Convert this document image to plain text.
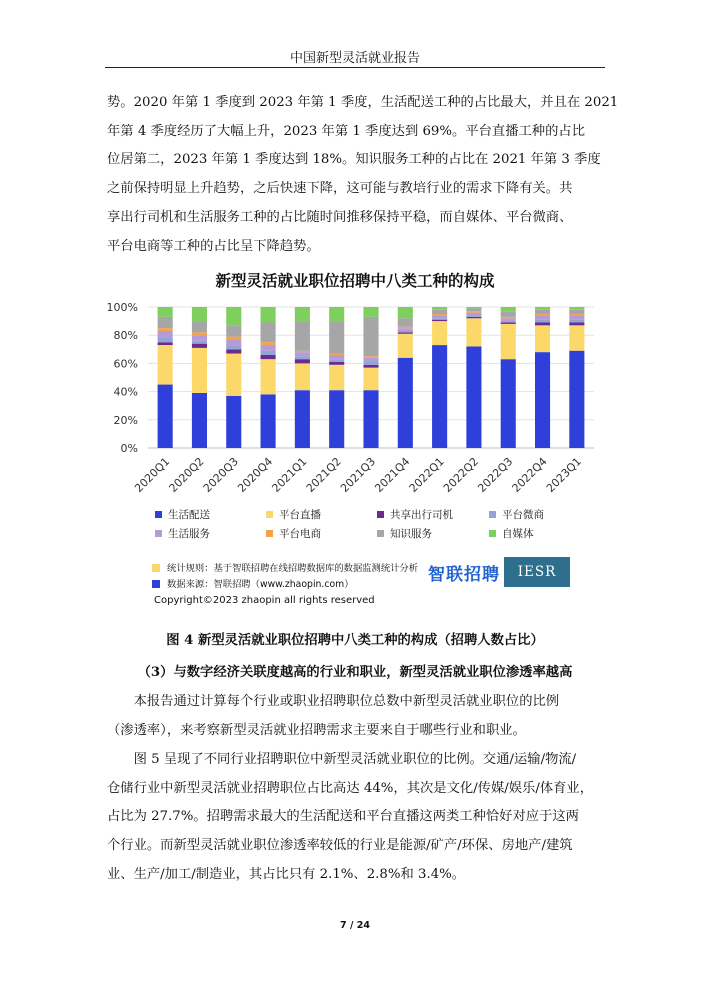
中国新型灵活就业报告
势。2020 年第 1 季度到 2023 年第 1 季度，生活配送工种的占比最大，并且在 2021
年第 4 季度经历了大幅上升，2023 年第 1 季度达到 69%。平台直播工种的占比
位居第二，2023 年第 1 季度达到 18%。知识服务工种的占比在 2021 年第 3 季度
之前保持明显上升趋势，之后快速下降，这可能与教培行业的需求下降有关。共
享出行司机和生活服务工种的占比随时间推移保持平稳，而自媒体、平台微商、
平台电商等工种的占比呈下降趋势。
新型灵活就业职位招聘中八类工种的构成
0%
20%
40%
60%
80%
100%
2020Q1
2020Q2
2020Q3
2020Q4
2021Q1
2021Q2
2021Q3
2021Q4
2022Q1
2022Q2
2022Q3
2022Q4
2023Q1
生活配送	平台直播	共享出行司机	平台微商
生活服务	平台电商	知识服务	自媒体
统计规则：基于智联招聘在线招聘数据库的数据监测统计分析
数据来源：智联招聘（www.zhaopin.com）	智联招聘	IESR
Copyright©2023 zhaopin all rights reserved
图 4 新型灵活就业职位招聘中八类工种的构成（招聘人数占比）
（3）与数字经济关联度越高的行业和职业，新型灵活就业职位渗透率越高
　　本报告通过计算每个行业或职业招聘职位总数中新型灵活就业职位的比例
（渗透率），来考察新型灵活就业招聘需求主要来自于哪些行业和职业。
　　图 5 呈现了不同行业招聘职位中新型灵活就业职位的比例。交通/运输/物流/
仓储行业中新型灵活就业招聘职位占比高达 44%，其次是文化/传媒/娱乐/体育业，
占比为 27.7%。招聘需求最大的生活配送和平台直播这两类工种恰好对应于这两
个行业。而新型灵活就业职位渗透率较低的行业是能源/矿产/环保、房地产/建筑
业、生产/加工/制造业，其占比只有 2.1%、2.8%和 3.4%。
7 / 24
